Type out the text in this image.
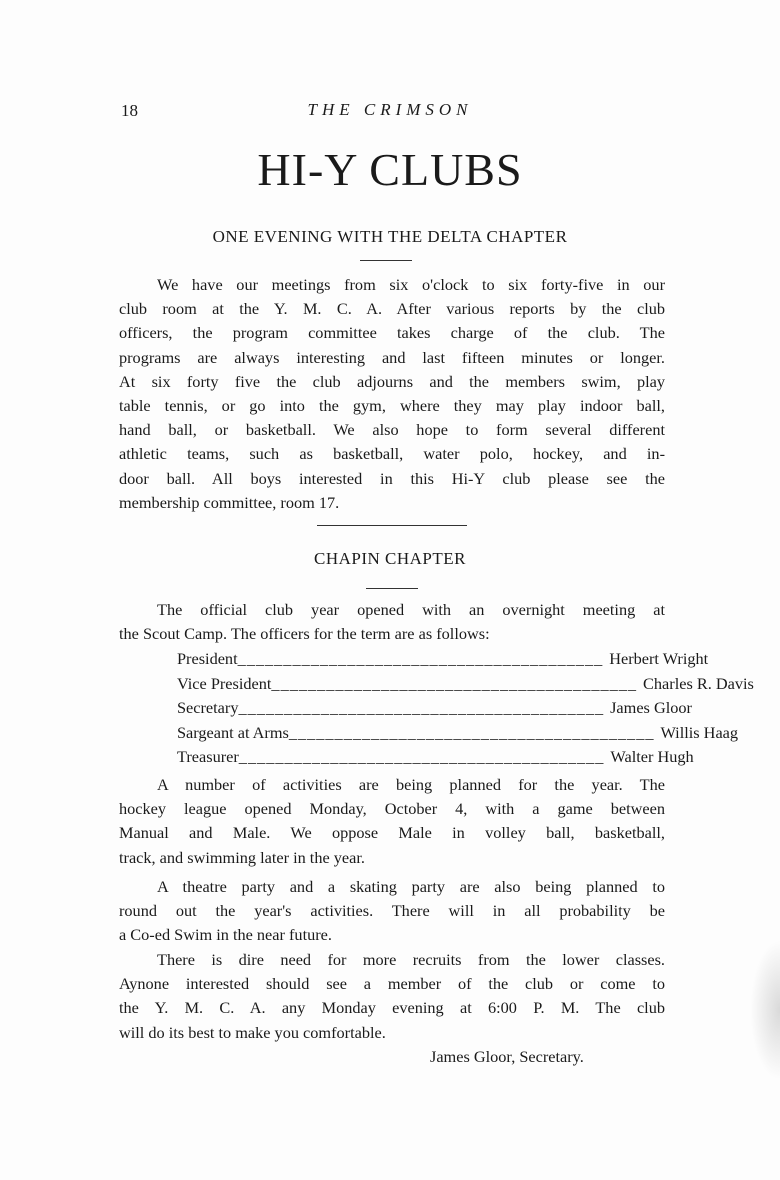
18	THE CRIMSON
HI-Y CLUBS
ONE EVENING WITH THE DELTA CHAPTER
We have our meetings from six o'clock to six forty-five in our
club room at the Y. M. C. A. After various reports by the club
officers, the program committee takes charge of the club. The
programs are always interesting and last fifteen minutes or longer.
At six forty five the club adjourns and the members swim, play
table tennis, or go into the gym, where they may play indoor ball,
hand ball, or basketball. We also hope to form several different
athletic teams, such as basketball, water polo, hockey, and in-
door ball. All boys interested in this Hi-Y club please see the
membership committee, room 17.
CHAPIN CHAPTER
The official club year opened with an overnight meeting at
the Scout Camp. The officers for the term are as follows:
President ________________________________________ Herbert Wright
Vice President ________________________________________ Charles R. Davis
Secretary ________________________________________ James Gloor
Sargeant at Arms ________________________________________ Willis Haag
Treasurer ________________________________________ Walter Hugh
A number of activities are being planned for the year. The
hockey league opened Monday, October 4, with a game between
Manual and Male. We oppose Male in volley ball, basketball,
track, and swimming later in the year.
A theatre party and a skating party are also being planned to
round out the year's activities. There will in all probability be
a Co-ed Swim in the near future.
There is dire need for more recruits from the lower classes.
Aynone interested should see a member of the club or come to
the Y. M. C. A. any Monday evening at 6:00 P. M. The club
will do its best to make you comfortable.
James Gloor, Secretary.
